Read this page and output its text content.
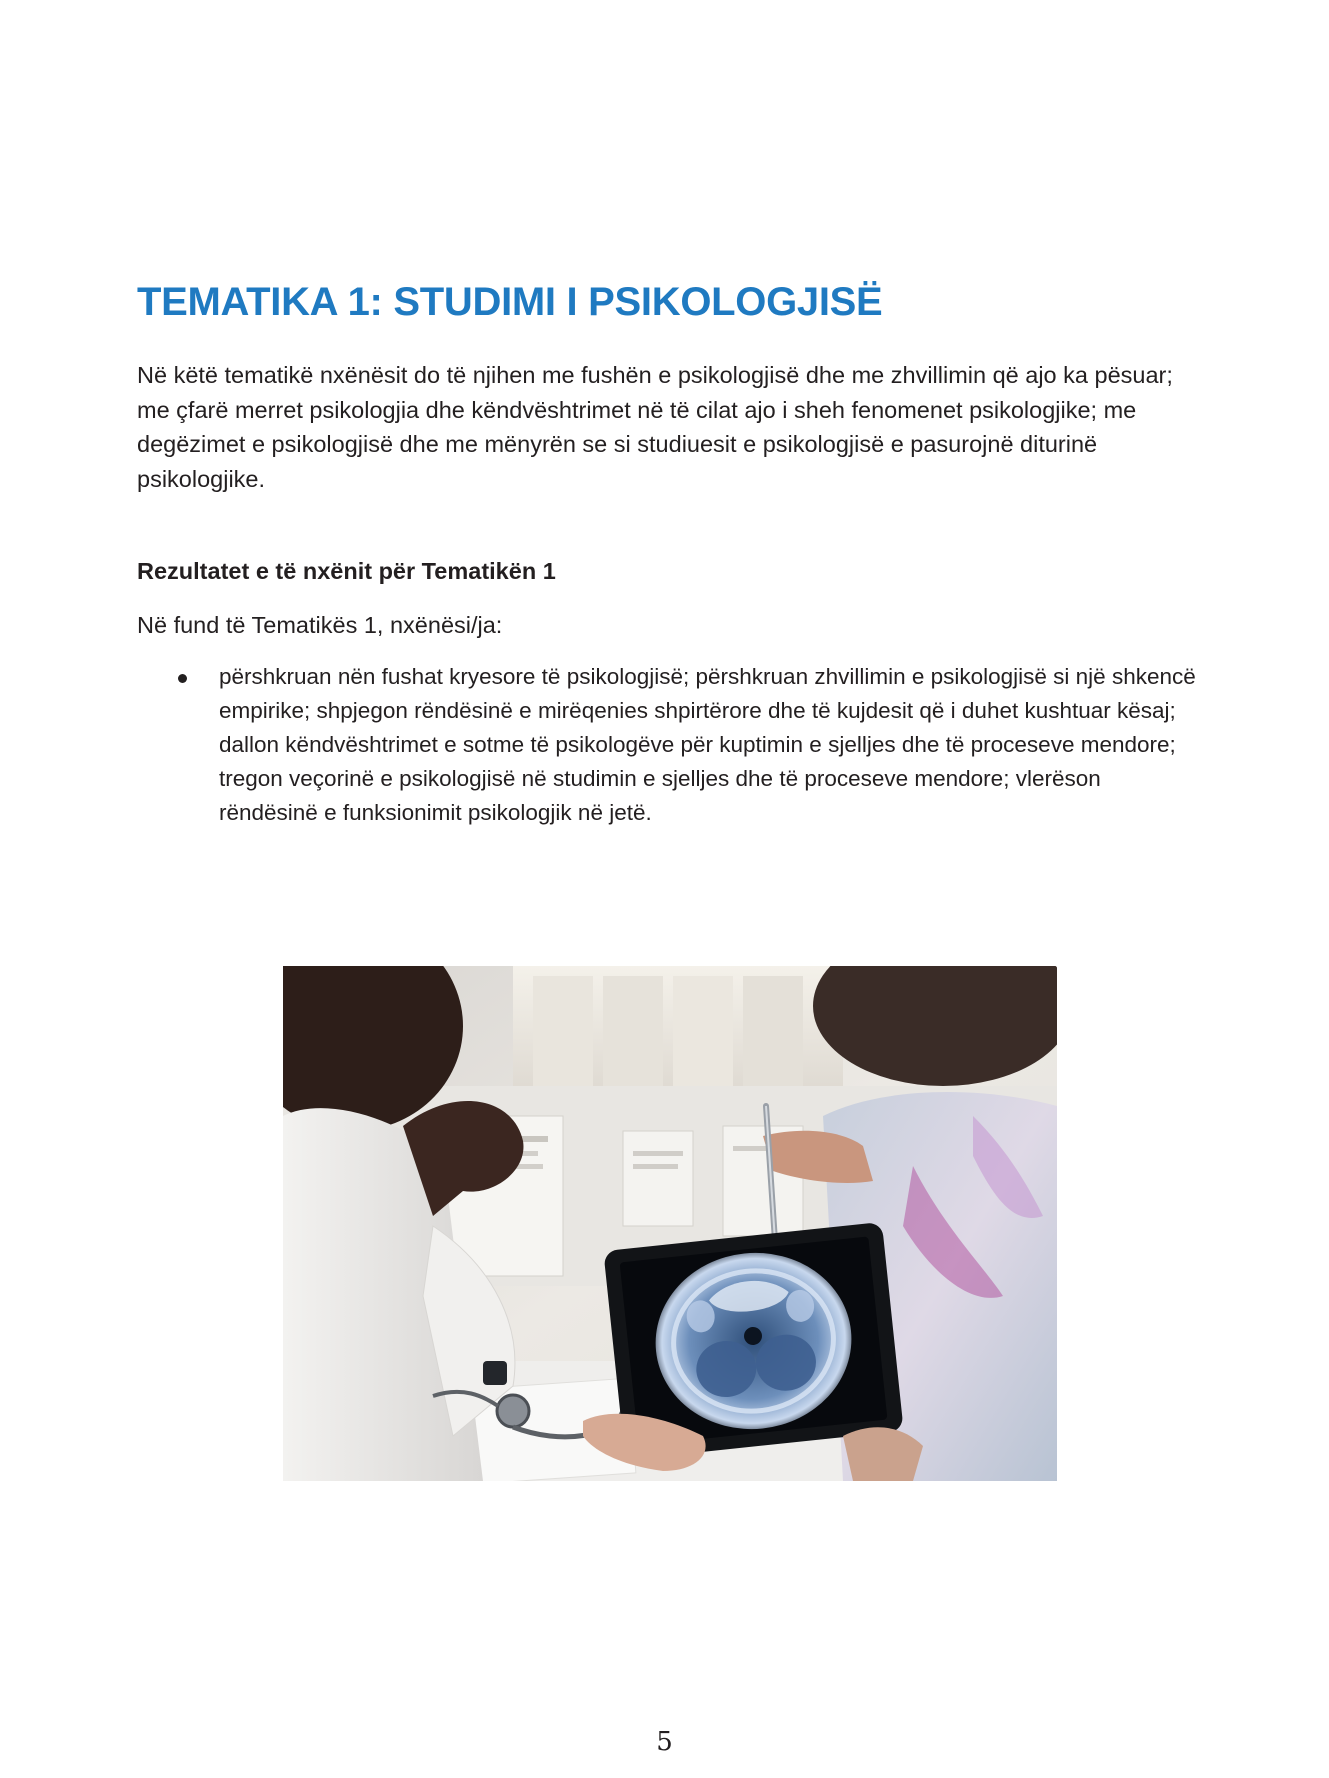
TEMATIKA 1: STUDIMI I PSIKOLOGJISË

Në këtë tematikë nxënësit do të njihen me fushën e psikologjisë dhe me zhvillimin që ajo ka pësuar; me çfarë merret psikologjia dhe këndvështrimet në të cilat ajo i sheh fenomenet psikologjike; me degëzimet e psikologjisë dhe me mënyrën se si studiuesit e psikologjisë e pasurojnë diturinë psikologjike.

Rezultatet e të nxënit për Tematikën 1

Në fund të Tematikës 1, nxënësi/ja:

përshkruan nën fushat kryesore të psikologjisë; përshkruan zhvillimin e psikologjisë si një shkencë empirike; shpjegon rëndësinë e mirëqenies shpirtërore dhe të kujdesit që i duhet kushtuar kësaj; dallon këndvështrimet e sotme të psikologëve për kuptimin e sjelljes dhe të proceseve mendore; tregon veçorinë e psikologjisë në studimin e sjelljes dhe të proceseve mendore; vlerëson rëndësinë e funksionimit psikologjik në jetë.

5
